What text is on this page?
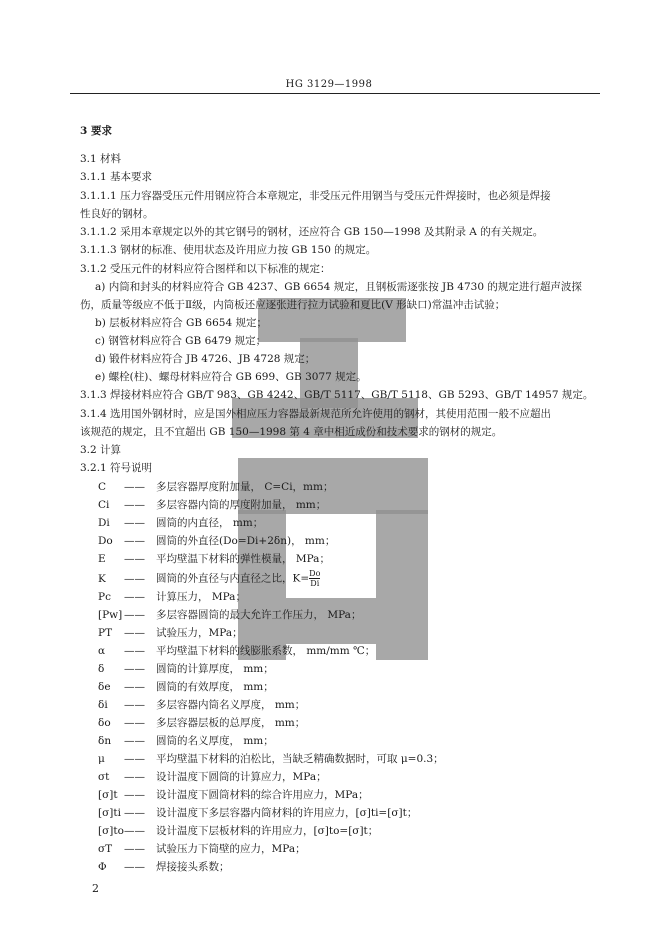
HG 3129—1998
3 要求
3.1 材料
3.1.1 基本要求
3.1.1.1 压力容器受压元件用钢应符合本章规定，非受压元件用钢当与受压元件焊接时，也必须是焊接
性良好的钢材。
3.1.1.2 采用本章规定以外的其它钢号的钢材，还应符合 GB 150—1998 及其附录 A 的有关规定。
3.1.1.3 钢材的标准、使用状态及许用应力按 GB 150 的规定。
3.1.2 受压元件的材料应符合图样和以下标准的规定：
a) 内筒和封头的材料应符合 GB 4237、GB 6654 规定，且钢板需逐张按 JB 4730 的规定进行超声波探
伤，质量等级应不低于Ⅱ级，内筒板还应逐张进行拉力试验和夏比(V 形缺口)常温冲击试验；
b) 层板材料应符合 GB 6654 规定；
c) 钢管材料应符合 GB 6479 规定；
d) 锻件材料应符合 JB 4726、JB 4728 规定；
e) 螺栓(柱)、螺母材料应符合 GB 699、GB 3077 规定。
3.1.3 焊接材料应符合 GB/T 983、GB 4242、GB/T 5117、GB/T 5118、GB 5293、GB/T 14957 规定。
3.1.4 选用国外钢材时，应是国外相应压力容器最新规范所允许使用的钢材，其使用范围一般不应超出
该规范的规定，且不宜超出 GB 150—1998 第 4 章中相近成份和技术要求的钢材的规定。
3.2 计算
3.2.1 符号说明
C —— 多层容器厚度附加量， C=Ci，mm；
Ci —— 多层容器内筒的厚度附加量， mm；
Di —— 圆筒的内直径， mm；
Do —— 圆筒的外直径(Do=Di+2δn)， mm；
E —— 平均壁温下材料的弹性模量， MPa；
K —— 圆筒的外直径与内直径之比，$K= \frac{Do}{Di}$
Pc —— 计算压力， MPa；
[Pw] —— 多层容器圆筒的最大允许工作压力， MPa；
PT —— 试验压力，MPa；
α —— 平均壁温下材料的线膨胀系数， mm/mm ℃；
δ —— 圆筒的计算厚度， mm；
δe —— 圆筒的有效厚度， mm；
δi —— 多层容器内筒名义厚度， mm；
δo —— 多层容器层板的总厚度， mm；
δn —— 圆筒的名义厚度， mm；
μ —— 平均壁温下材料的泊松比，当缺乏精确数据时，可取 μ=0.3；
σt —— 设计温度下圆筒的计算应力，MPa；
[σ]t —— 设计温度下圆筒材料的综合许用应力，MPa；
[σ]ti —— 设计温度下多层容器内筒材料的许用应力，[σ]ti=[σ]t；
[σ]to—— 设计温度下层板材料的许用应力，[σ]to=[σ]t；
σT —— 试验压力下筒壁的应力，MPa；
Φ —— 焊接接头系数；
2
